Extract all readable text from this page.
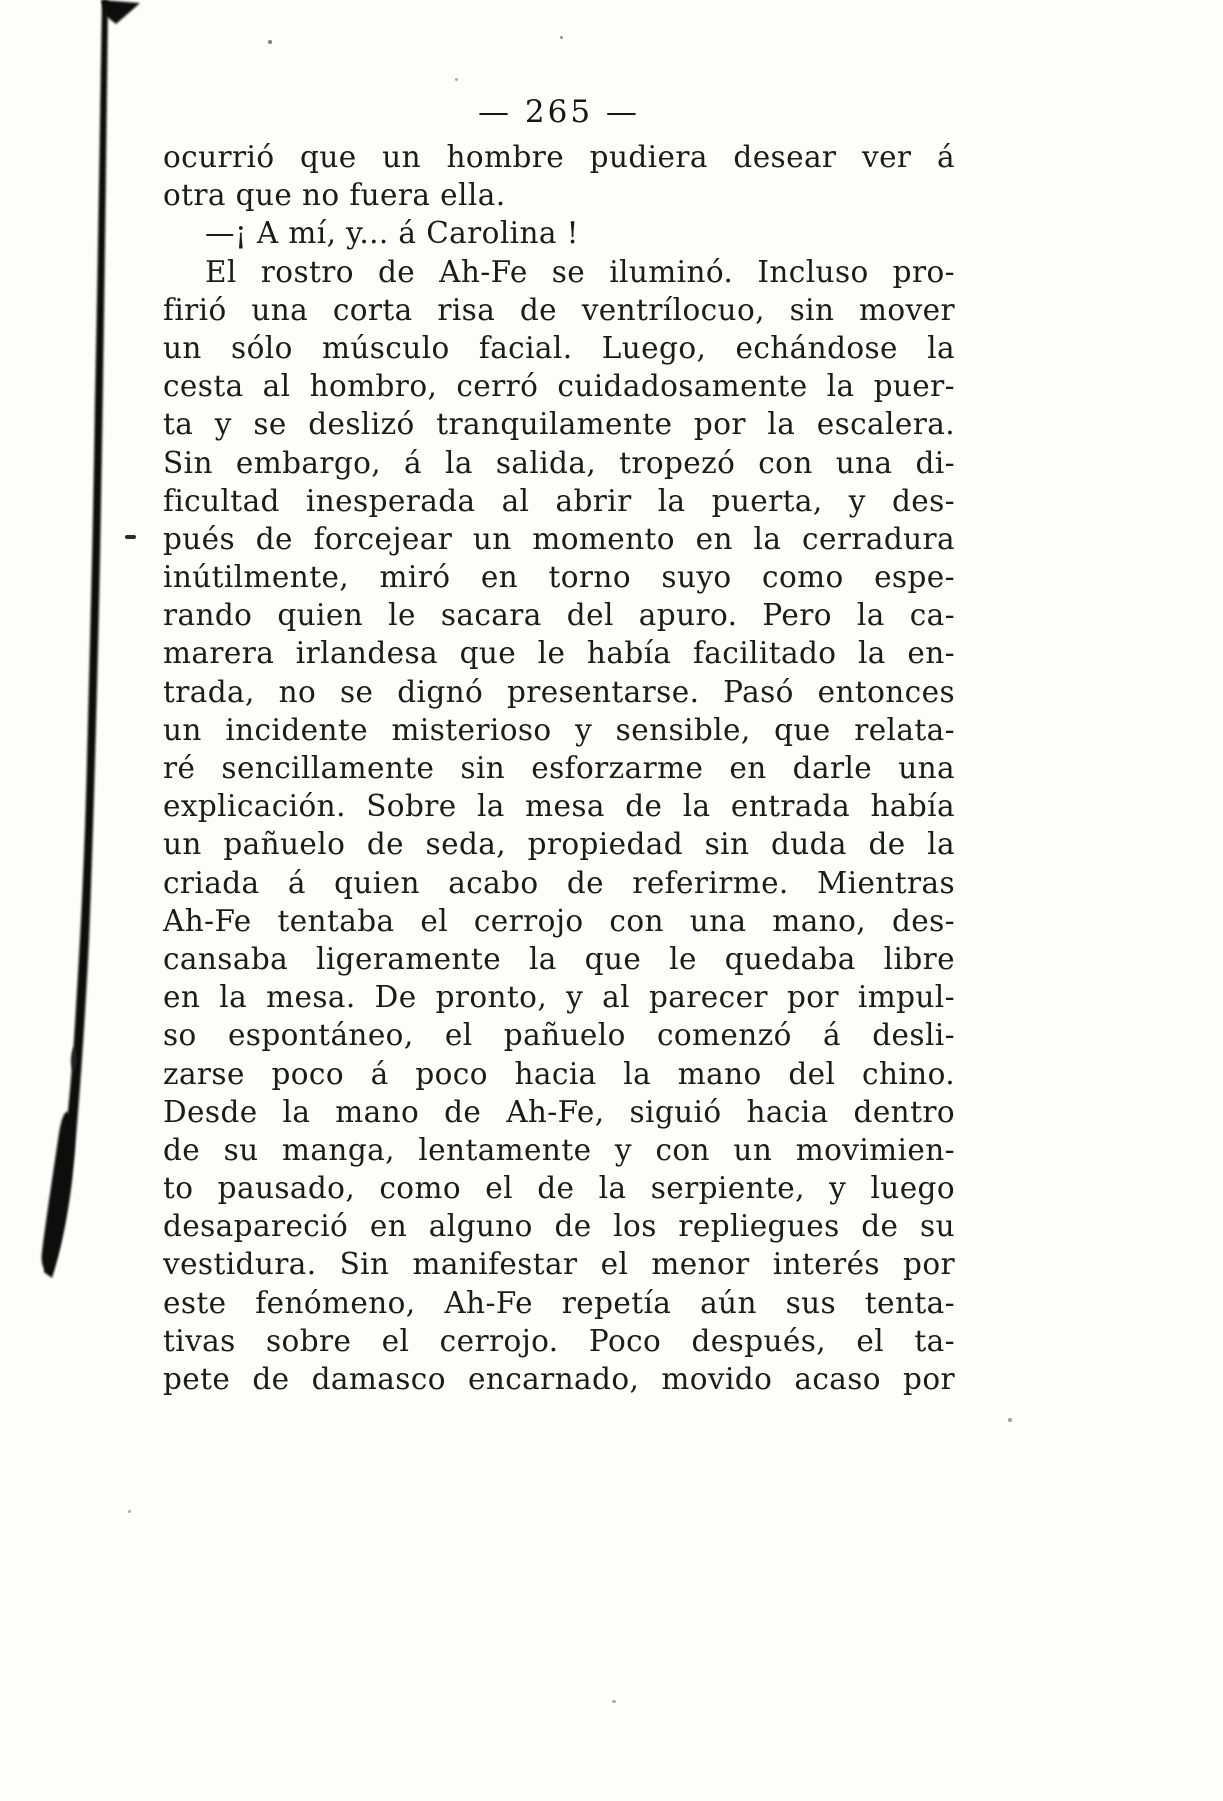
— 265 —
ocurrió que un hombre pudiera desear ver á
otra que no fuera ella.
—¡ A mí, y... á Carolina !
El rostro de Ah-Fe se iluminó. Incluso pro-
firió una corta risa de ventrílocuo, sin mover
un sólo músculo facial. Luego, echándose la
cesta al hombro, cerró cuidadosamente la puer-
ta y se deslizó tranquilamente por la escalera.
Sin embargo, á la salida, tropezó con una di-
ficultad inesperada al abrir la puerta, y des-
pués de forcejear un momento en la cerradura
inútilmente, miró en torno suyo como espe-
rando quien le sacara del apuro. Pero la ca-
marera irlandesa que le había facilitado la en-
trada, no se dignó presentarse. Pasó entonces
un incidente misterioso y sensible, que relata-
ré sencillamente sin esforzarme en darle una
explicación. Sobre la mesa de la entrada había
un pañuelo de seda, propiedad sin duda de la
criada á quien acabo de referirme. Mientras
Ah-Fe tentaba el cerrojo con una mano, des-
cansaba ligeramente la que le quedaba libre
en la mesa. De pronto, y al parecer por impul-
so espontáneo, el pañuelo comenzó á desli-
zarse poco á poco hacia la mano del chino.
Desde la mano de Ah-Fe, siguió hacia dentro
de su manga, lentamente y con un movimien-
to pausado, como el de la serpiente, y luego
desapareció en alguno de los repliegues de su
vestidura. Sin manifestar el menor interés por
este fenómeno, Ah-Fe repetía aún sus tenta-
tivas sobre el cerrojo. Poco después, el ta-
pete de damasco encarnado, movido acaso por
